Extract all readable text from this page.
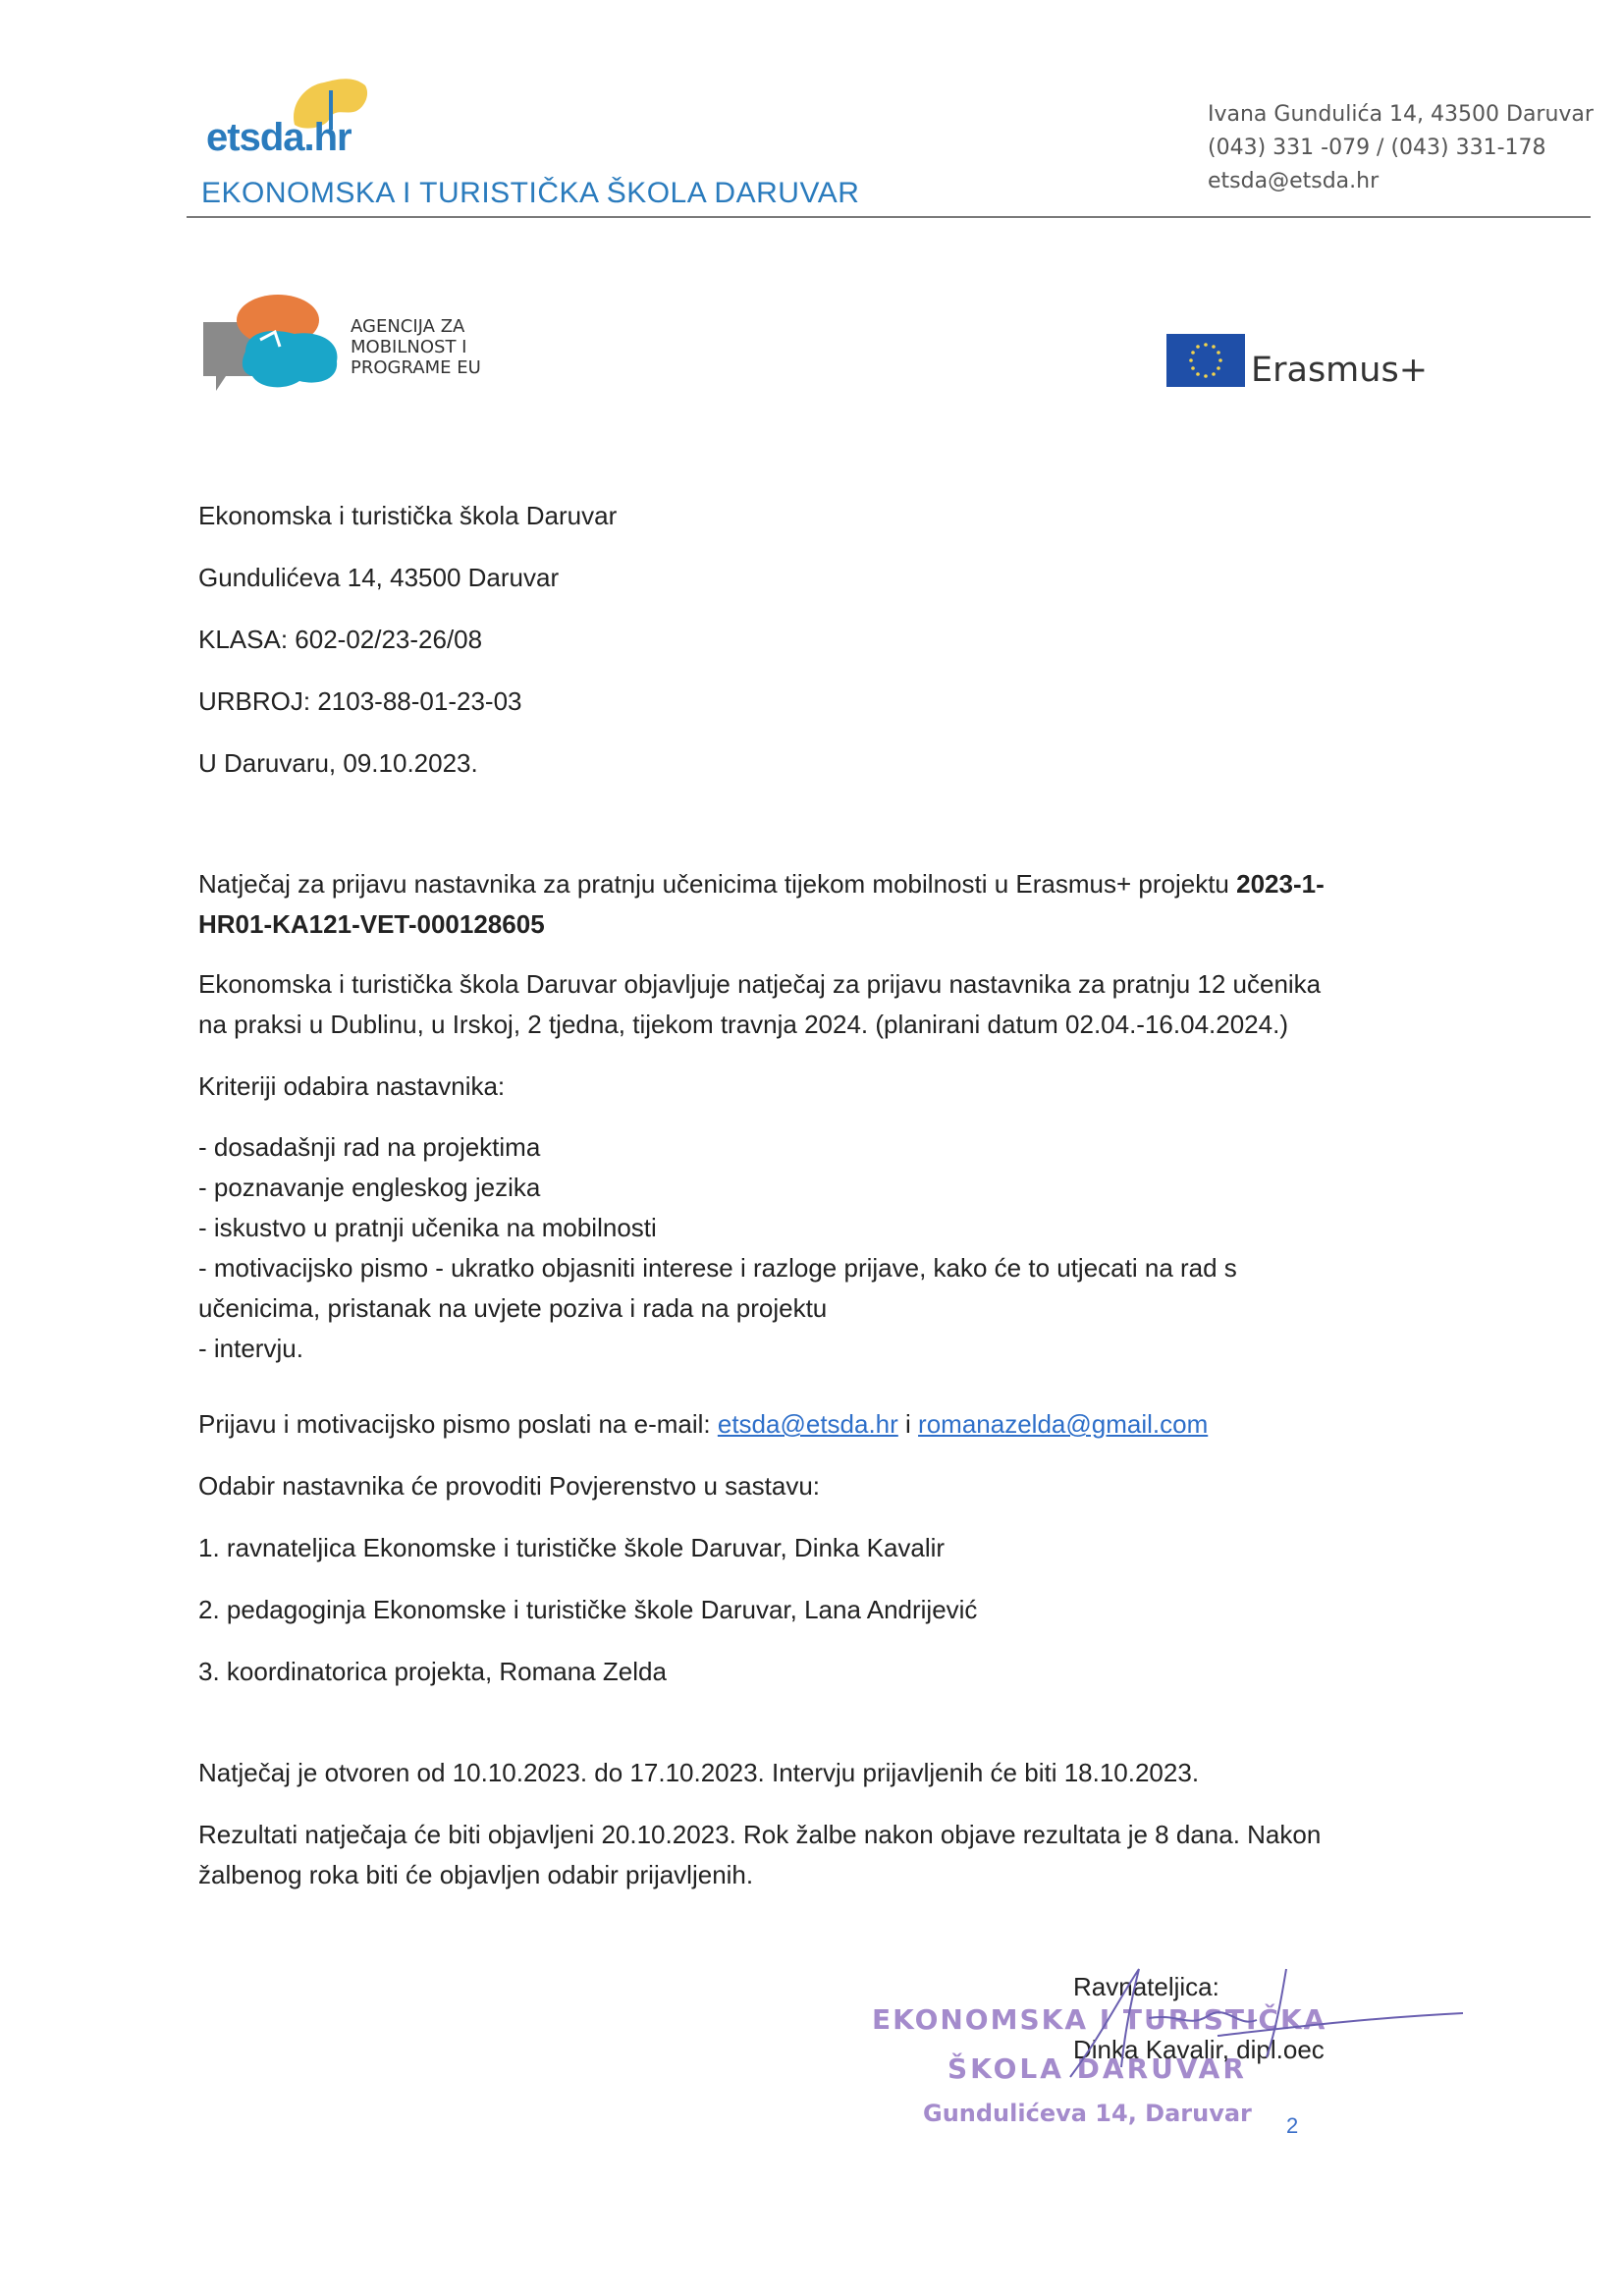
etsda.hr
EKONOMSKA I TURISTIČKA ŠKOLA DARUVAR
Ivana Gundulića 14, 43500 Daruvar
(043) 331 -079 / (043) 331-178
etsda@etsda.hr
AGENCIJA ZA
MOBILNOST I
PROGRAME EU	Erasmus+
Ekonomska i turistička škola Daruvar
Gundulićeva 14, 43500 Daruvar
KLASA: 602-02/23-26/08
URBROJ: 2103-88-01-23-03
U Daruvaru, 09.10.2023.
Natječaj za prijavu nastavnika za pratnju učenicima tijekom mobilnosti u Erasmus+ projektu 2023-1-
HR01-KA121-VET-000128605
Ekonomska i turistička škola Daruvar objavljuje natječaj za prijavu nastavnika za pratnju 12 učenika
na praksi u Dublinu, u Irskoj, 2 tjedna, tijekom travnja 2024. (planirani datum 02.04.-16.04.2024.)
Kriteriji odabira nastavnika:
- dosadašnji rad na projektima
- poznavanje engleskog jezika
- iskustvo u pratnji učenika na mobilnosti
- motivacijsko pismo - ukratko objasniti interese i razloge prijave, kako će to utjecati na rad s
učenicima, pristanak na uvjete poziva i rada na projektu
- intervju.
Prijavu i motivacijsko pismo poslati na e-mail: etsda@etsda.hr i romanazelda@gmail.com
Odabir nastavnika će provoditi Povjerenstvo u sastavu:
1. ravnateljica Ekonomske i turističke škole Daruvar, Dinka Kavalir
2. pedagoginja Ekonomske i turističke škole Daruvar, Lana Andrijević
3. koordinatorica projekta, Romana Zelda
Natječaj je otvoren od 10.10.2023. do 17.10.2023. Intervju prijavljenih će biti 18.10.2023.
Rezultati natječaja će biti objavljeni 20.10.2023. Rok žalbe nakon objave rezultata je 8 dana. Nakon
žalbenog roka biti će objavljen odabir prijavljenih.
EKONOMSKA I TURISTIČKA
ŠKOLA DARUVAR
Gundulićeva 14, Daruvar
Ravnateljica:
Dinka Kavalir, dipl.oec
2
